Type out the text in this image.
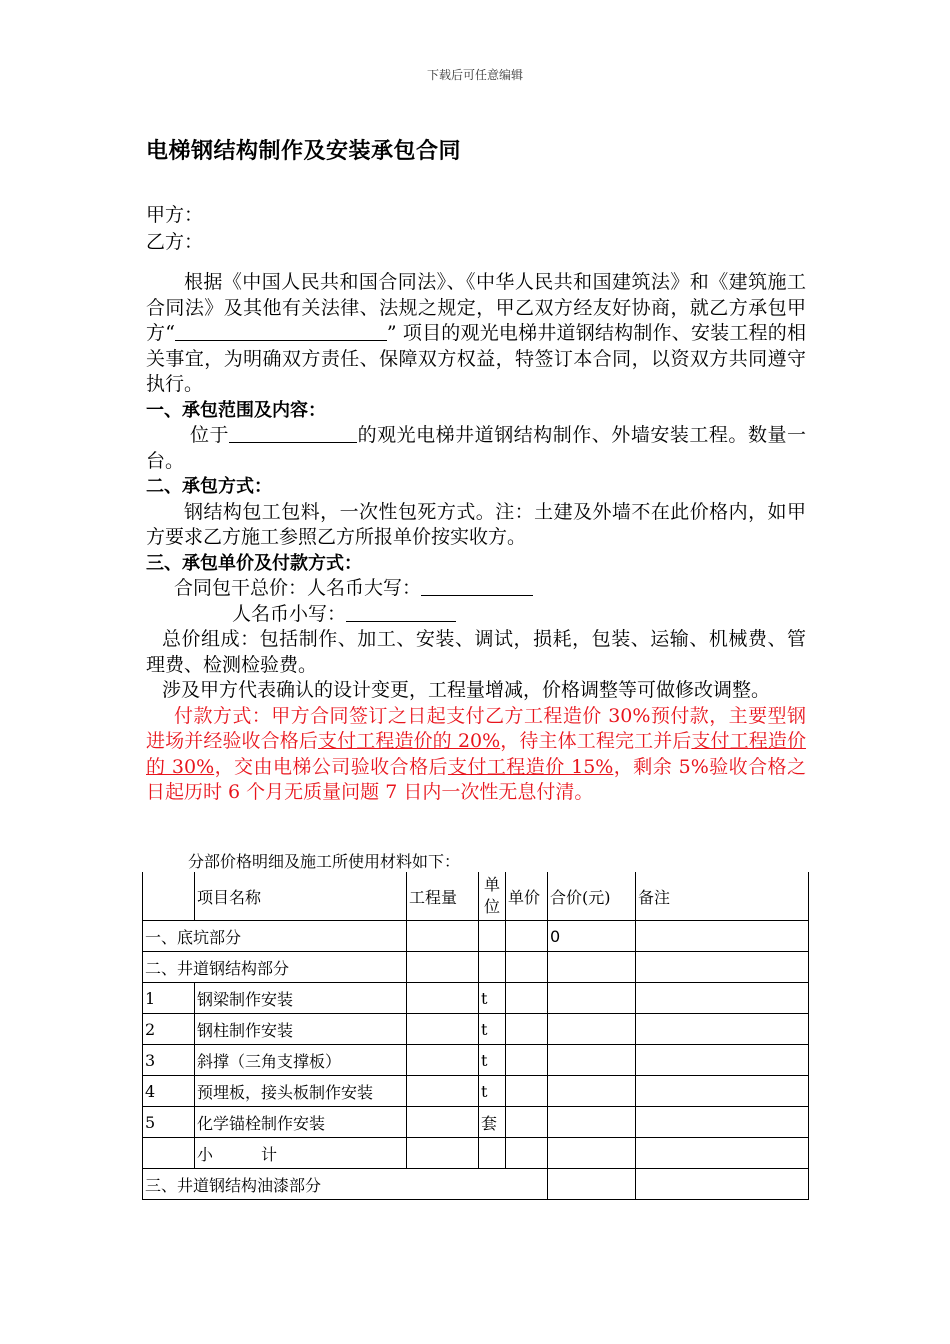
下载后可任意编辑
电梯钢结构制作及安装承包合同
甲方：
乙方：

根据《中国人民共和国合同法》、《中华人民共和国建筑法》和《建筑施工合同法》及其他有关法律、法规之规定，甲乙双方经友好协商，就乙方承包甲方“	” 项目的观光电梯井道钢结构制作、安装工程的相关事宜，为明确双方责任、保障双方权益，特签订本合同，以资双方共同遵守执行。

一、承包范围及内容：

位于	的观光电梯井道钢结构制作、外墙安装工程。数量一台。

二、承包方式：

钢结构包工包料，一次性包死方式。注：土建及外墙不在此价格内，如甲方要求乙方施工参照乙方所报单价按实收方。

三、承包单价及付款方式：

合同包干总价：人名币大写：

人名币小写：

总价组成：包括制作、加工、安装、调试，损耗，包装、运输、机械费、管理费、检测检验费。

涉及甲方代表确认的设计变更，工程量增减，价格调整等可做修改调整。

付款方式：甲方合同签订之日起支付乙方工程造价 30%预付款，主要型钢进场并经验收合格后支付工程造价的 20%，待主体工程完工并后支付工程造价的 30%，交由电梯公司验收合格后支付工程造价 15%，剩余 5%验收合格之日起历时 6 个月无质量问题 7 日内一次性无息付清。

分部价格明细及施工所使用材料如下：
	项目名称	工程量	单位	单价	合价(元)	备注
一、底坑部分					0	
二、井道钢结构部分						
1	钢梁制作安装		t			
2	钢柱制作安装		t			
3	斜撑（三角支撑板）		t			
4	预埋板，接头板制作安装		t			
5	化学锚栓制作安装		套			
	小　　　计					
三、井道钢结构油漆部分						
